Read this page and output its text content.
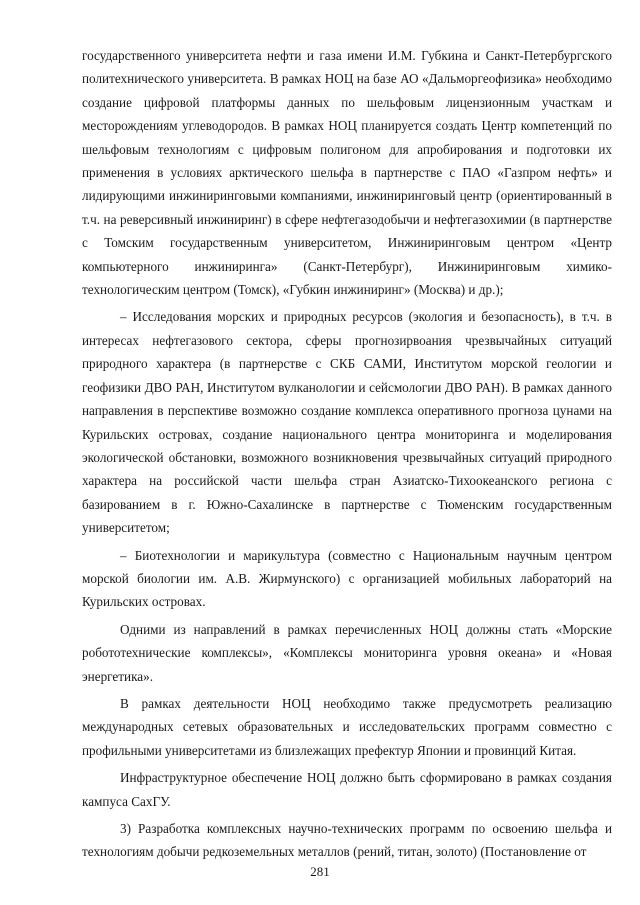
государственного университета нефти и газа имени И.М. Губкина и Санкт-Петербургского политехнического университета. В рамках НОЦ на базе АО «Дальморгеофизика» необходимо создание цифровой платформы данных по шельфовым лицензионным участкам и месторождениям углеводородов. В рамках НОЦ планируется создать Центр компетенций по шельфовым технологиям с цифровым полигоном для апробирования и подготовки их применения в условиях арктического шельфа в партнерстве с ПАО «Газпром нефть» и лидирующими инжиниринговыми компаниями, инжиниринговый центр (ориентированный в т.ч. на реверсивный инжиниринг) в сфере нефтегазодобычи и нефтегазохимии (в партнерстве с Томским государственным университетом, Инжиниринговым центром «Центр компьютерного инжиниринга» (Санкт-Петербург), Инжиниринговым химико-технологическим центром (Томск), «Губкин инжиниринг» (Москва) и др.);

– Исследования морских и природных ресурсов (экология и безопасность), в т.ч. в интересах нефтегазового сектора, сферы прогнозирвоания чрезвычайных ситуаций природного характера (в партнерстве с СКБ САМИ, Институтом морской геологии и геофизики ДВО РАН, Институтом вулканологии и сейсмологии ДВО РАН). В рамках данного направления в перспективе возможно создание комплекса оперативного прогноза цунами на Курильских островах, создание национального центра мониторинга и моделирования экологической обстановки, возможного возникновения чрезвычайных ситуаций природного характера на российской части шельфа стран Азиатско-Тихоокеанского региона с базированием в г. Южно-Сахалинске в партнерстве с Тюменским государственным университетом;

– Биотехнологии и марикультура (совместно с Национальным научным центром морской биологии им. А.В. Жирмунского) с организацией мобильных лабораторий на Курильских островах.

Одними из направлений в рамках перечисленных НОЦ должны стать «Морские робототехнические комплексы», «Комплексы мониторинга уровня океана» и «Новая энергетика».

В рамках деятельности НОЦ необходимо также предусмотреть реализацию международных сетевых образовательных и исследовательских программ совместно с профильными университетами из близлежащих префектур Японии и провинций Китая.

Инфраструктурное обеспечение НОЦ должно быть сформировано в рамках создания кампуса СахГУ.

3) Разработка комплексных научно-технических программ по освоению шельфа и технологиям добычи редкоземельных металлов (рений, титан, золото) (Постановление от

281
